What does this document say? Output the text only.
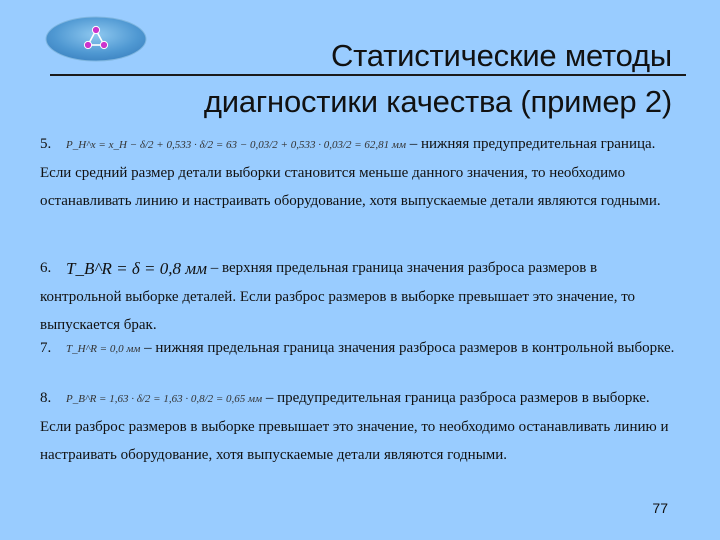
Статистические методы
диагностики качества (пример 2)
5. P_H^x = x_H − δ/2 + 0,533 · δ/2 = 63 − 0,03/2 + 0,533 · 0,03/2 = 62,81 мм – нижняя предупредительная граница. Если средний размер детали выборки становится меньше данного значения, то необходимо останавливать линию и настраивать оборудование, хотя выпускаемые детали являются годными.
6. T_B^R = δ = 0,8 мм – верхняя предельная граница значения разброса размеров в контрольной выборке деталей. Если разброс размеров в выборке превышает это значение, то выпускается брак.
7. T_H^R = 0,0 мм – нижняя предельная граница значения разброса размеров в контрольной выборке.
8. P_B^R = 1,63 · δ/2 = 1,63 · 0,8/2 = 0,65 мм – предупредительная граница разброса размеров в выборке. Если разброс размеров в выборке превышает это значение, то необходимо останавливать линию и настраивать оборудование, хотя выпускаемые детали являются годными.
77
